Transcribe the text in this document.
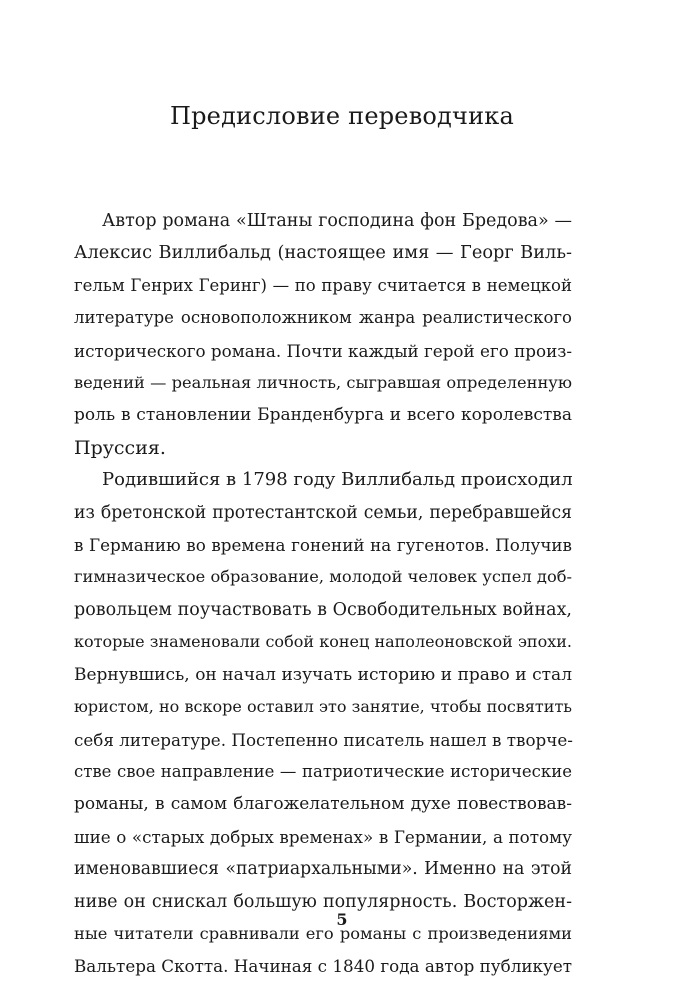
Предисловие переводчика
Автор романа «Штаны господина фон Бредова» —
Алексис Виллибальд (настоящее имя — Георг Виль-
гельм Генрих Геринг) — по праву считается в немецкой
литературе основоположником жанра реалистического
исторического романа. Почти каждый герой его произ-
ведений — реальная личность, сыгравшая определенную
роль в становлении Бранденбурга и всего королевства
Пруссия.
Родившийся в 1798 году Виллибальд происходил
из бретонской протестантской семьи, перебравшейся
в Германию во времена гонений на гугенотов. Получив
гимназическое образование, молодой человек успел доб-
ровольцем поучаствовать в Освободительных войнах,
которые знаменовали собой конец наполеоновской эпохи.
Вернувшись, он начал изучать историю и право и стал
юристом, но вскоре оставил это занятие, чтобы посвятить
себя литературе. Постепенно писатель нашел в творче-
стве свое направление — патриотические исторические
романы, в самом благожелательном духе повествовав-
шие о «старых добрых временах» в Германии, а потому
именовавшиеся «патриархальными». Именно на этой
ниве он снискал большую популярность. Восторжен-
ные читатели сравнивали его романы с произведениями
Вальтера Скотта. Начиная с 1840 года автор публикует
5
